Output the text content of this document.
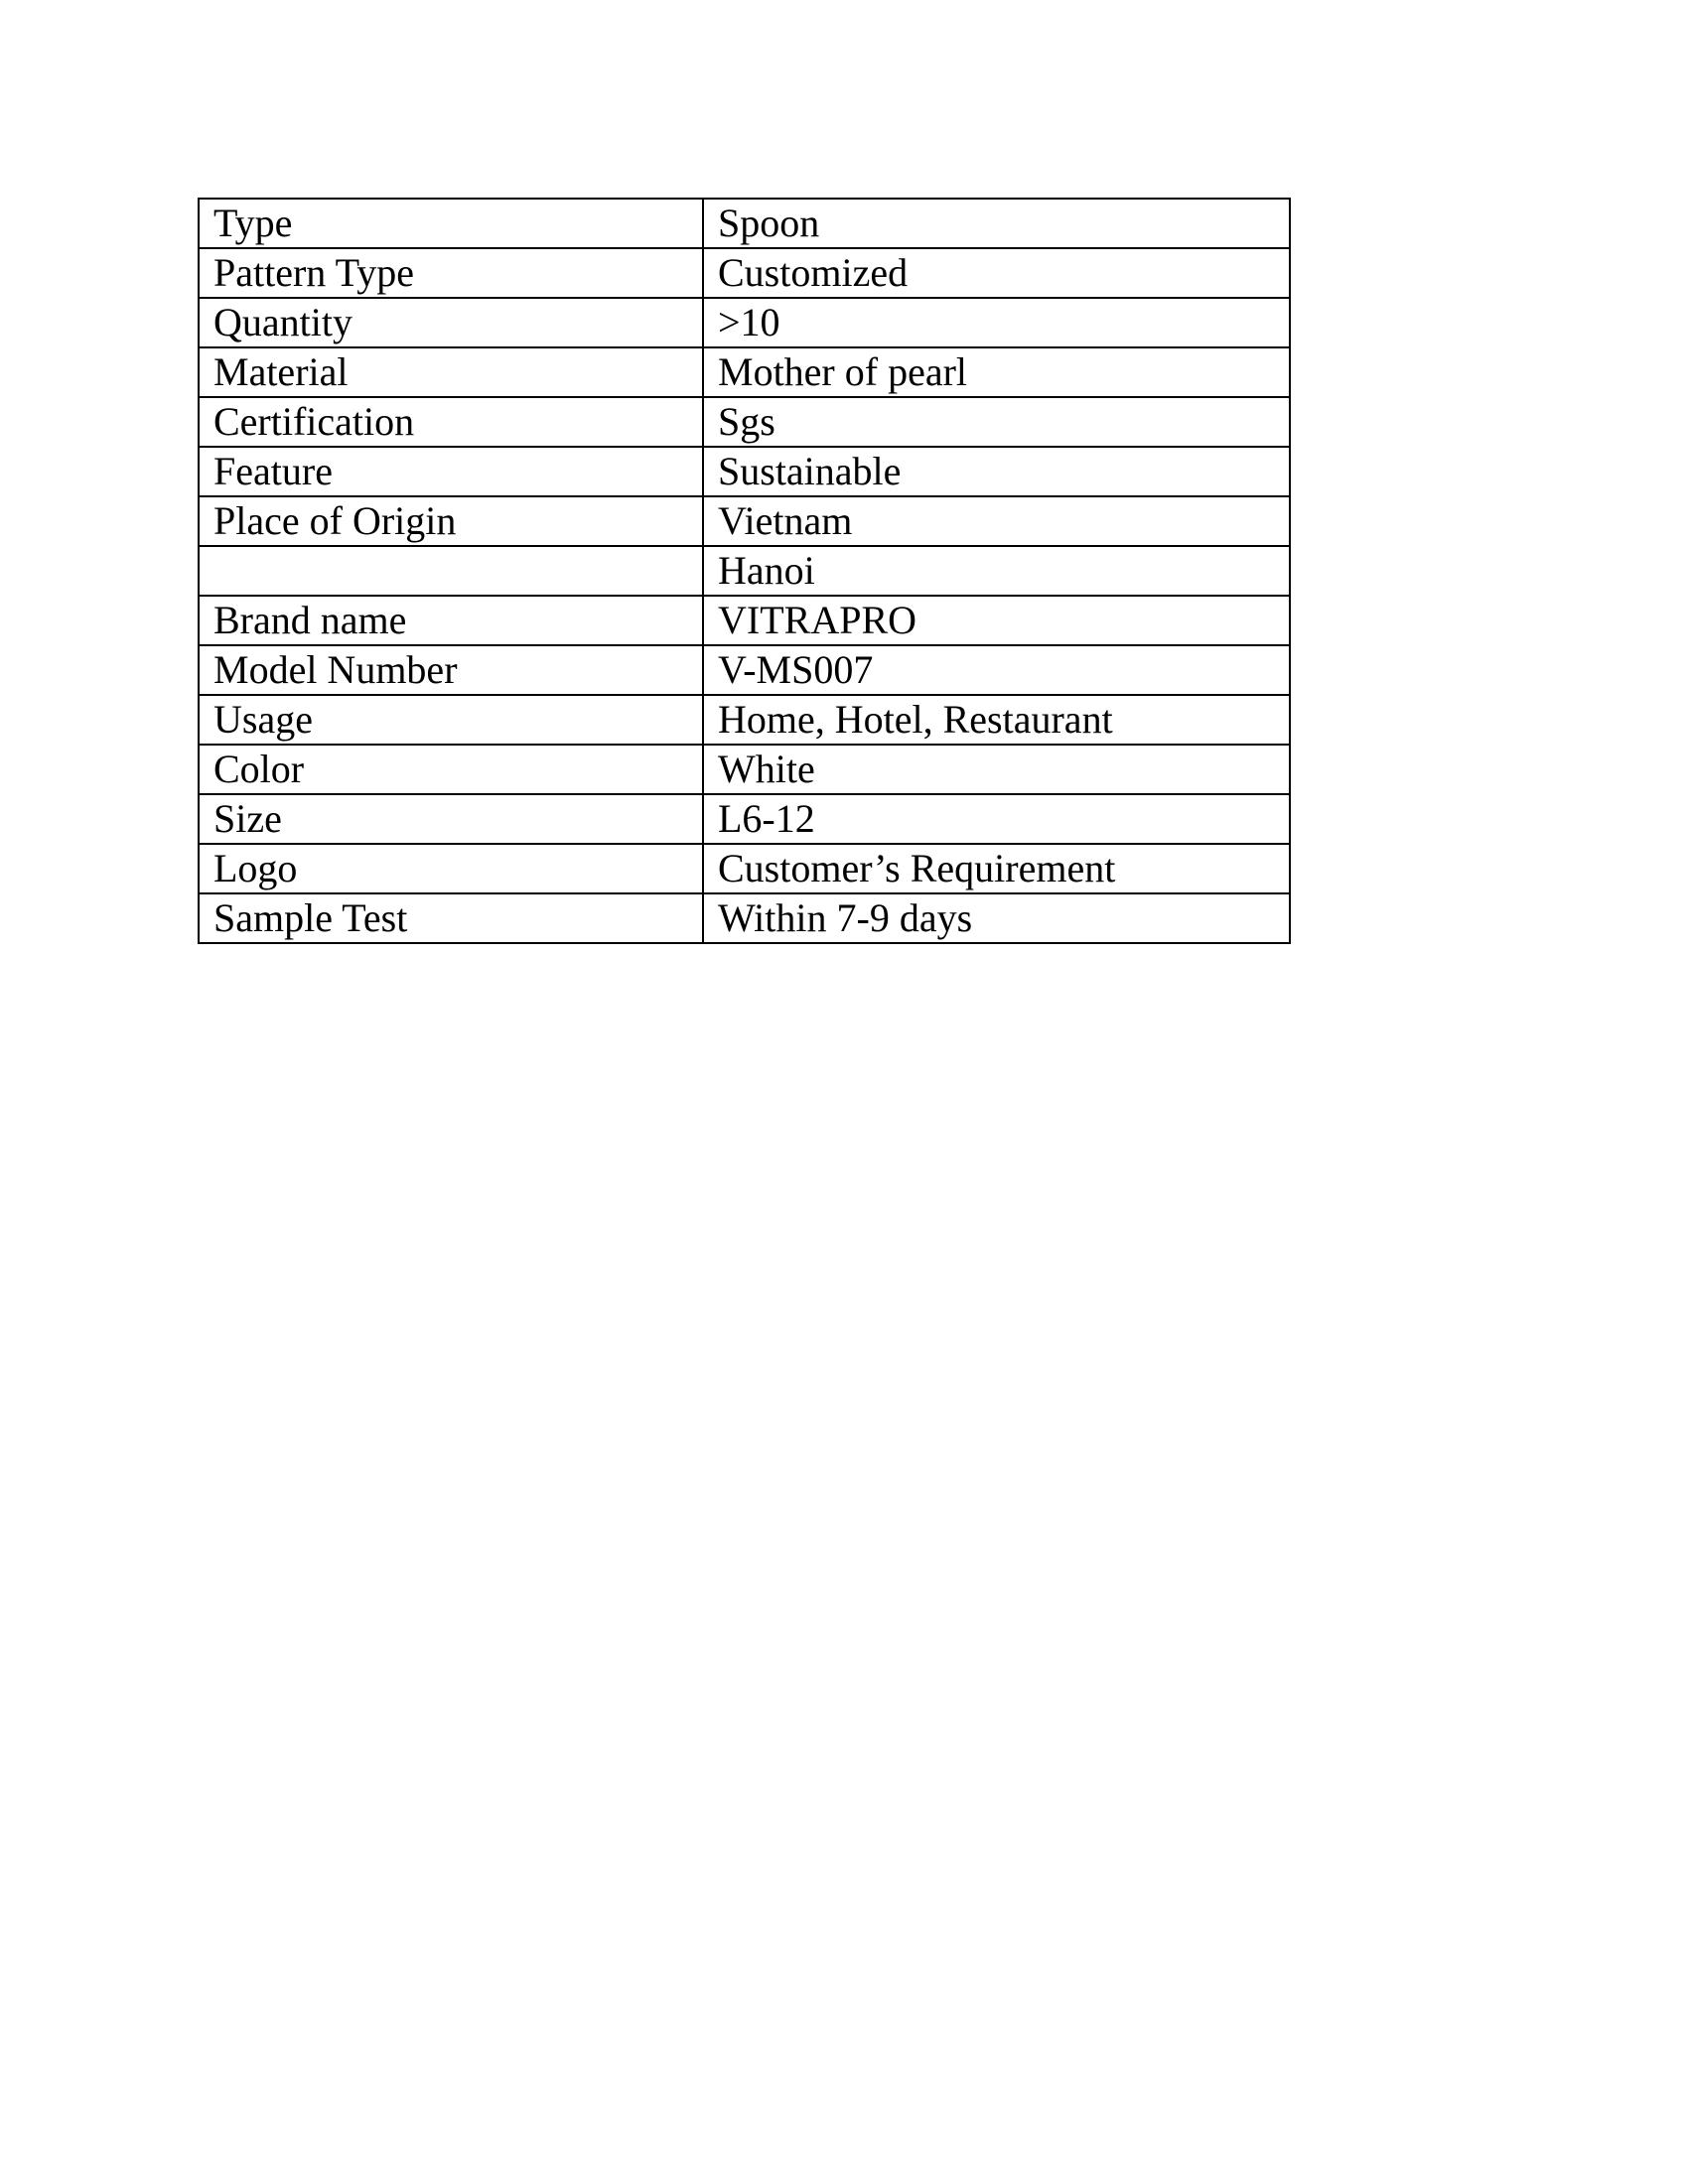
Type	Spoon
Pattern Type	Customized
Quantity	>10
Material	Mother of pearl
Certification	Sgs
Feature	Sustainable
Place of Origin	Vietnam
	Hanoi
Brand name	VITRAPRO
Model Number	V-MS007
Usage	Home, Hotel, Restaurant
Color	White
Size	L6-12
Logo	Customer’s Requirement
Sample Test	Within 7-9 days
